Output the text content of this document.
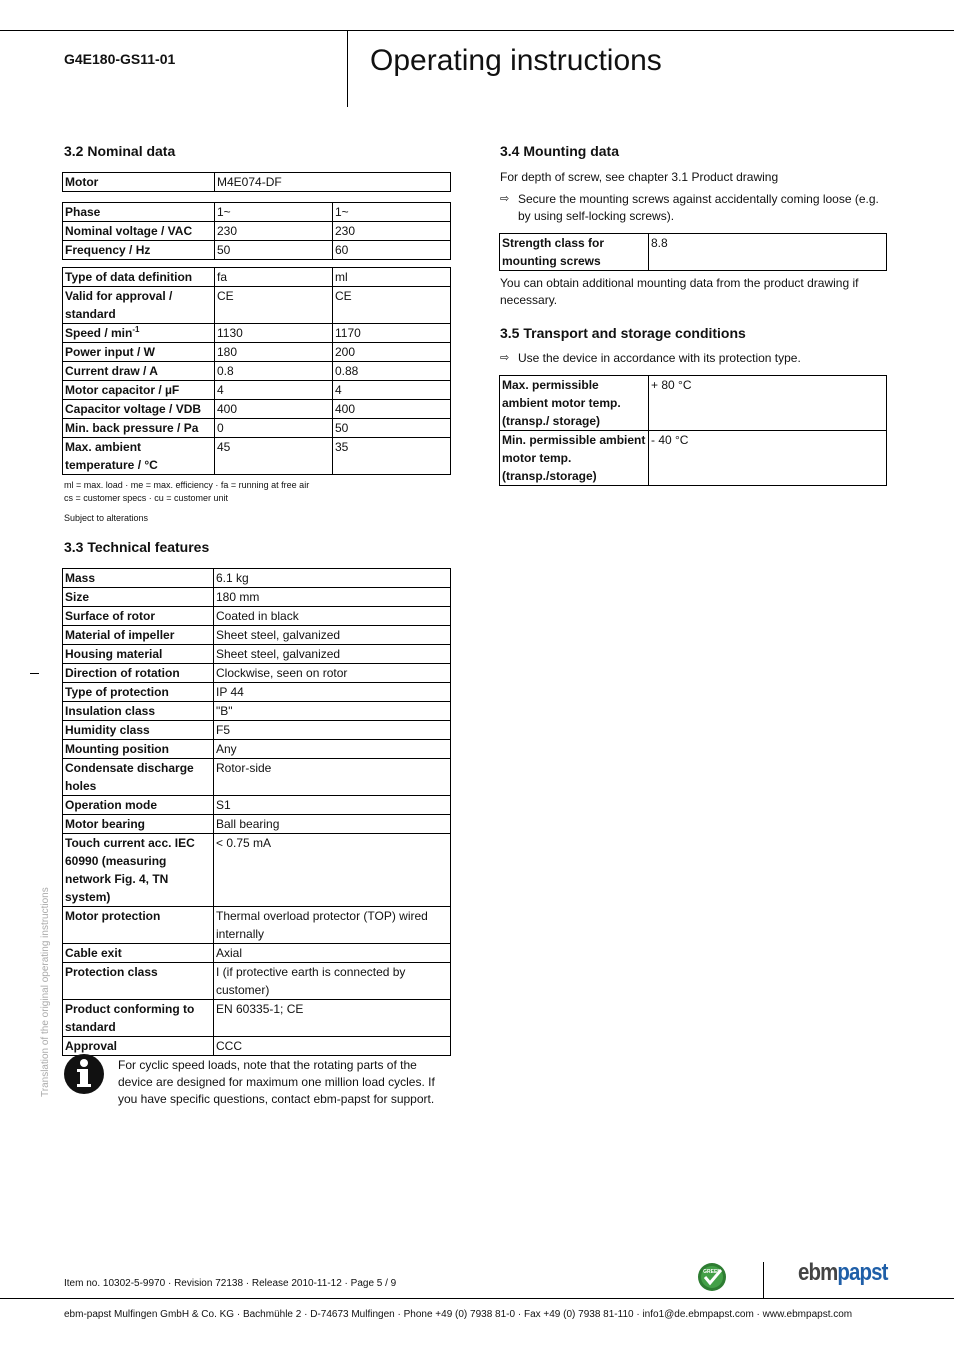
G4E180-GS11-01	Operating instructions
3.2 Nominal data
Motor	M4E074-DF
Phase	1~	1~
Nominal voltage / VAC	230	230
Frequency / Hz	50	60
Type of data definition	fa	ml
Valid for approval / standard	CE	CE
Speed / $\min^{-1}$	1130	1170
Power input / W	180	200
Current draw / A	0.8	0.88
Motor capacitor / µF	4	4
Capacitor voltage / VDB	400	400
Min. back pressure / Pa	0	50
Max. ambient temperature / °C	45	35
ml = max. load · me = max. efficiency · fa = running at free air
cs = customer specs · cu = customer unit
Subject to alterations
3.3 Technical features
Mass	6.1 kg
Size	180 mm
Surface of rotor	Coated in black
Material of impeller	Sheet steel, galvanized
Housing material	Sheet steel, galvanized
Direction of rotation	Clockwise, seen on rotor
Type of protection	IP 44
Insulation class	"B"
Humidity class	F5
Mounting position	Any
Condensate discharge holes	Rotor-side
Operation mode	S1
Motor bearing	Ball bearing
Touch current acc. IEC 60990 (measuring network Fig. 4, TN system)	< 0.75 mA
Motor protection	Thermal overload protector (TOP) wired internally
Cable exit	Axial
Protection class	I (if protective earth is connected by customer)
Product conforming to standard	EN 60335-1; CE
Approval	CCC
For cyclic speed loads, note that the rotating parts of the device are designed for maximum one million load cycles. If you have specific questions, contact ebm-papst for support.
3.4 Mounting data
For depth of screw, see chapter 3.1 Product drawing
⇨ Secure the mounting screws against accidentally coming loose (e.g. by using self-locking screws).
Strength class for mounting screws	8.8
You can obtain additional mounting data from the product drawing if necessary.
3.5 Transport and storage conditions
⇨ Use the device in accordance with its protection type.
Max. permissible ambient motor temp. (transp./ storage)	+ 80 °C
Min. permissible ambient motor temp. (transp./storage)	- 40 °C
Translation of the original operating instructions
Item no. 10302-5-9970 · Revision 72138 · Release 2010-11-12 · Page 5 / 9
GREEN	ebmpapst
ebm-papst Mulfingen GmbH & Co. KG · Bachmühle 2 · D-74673 Mulfingen · Phone +49 (0) 7938 81-0 · Fax +49 (0) 7938 81-110 · info1@de.ebmpapst.com · www.ebmpapst.com
